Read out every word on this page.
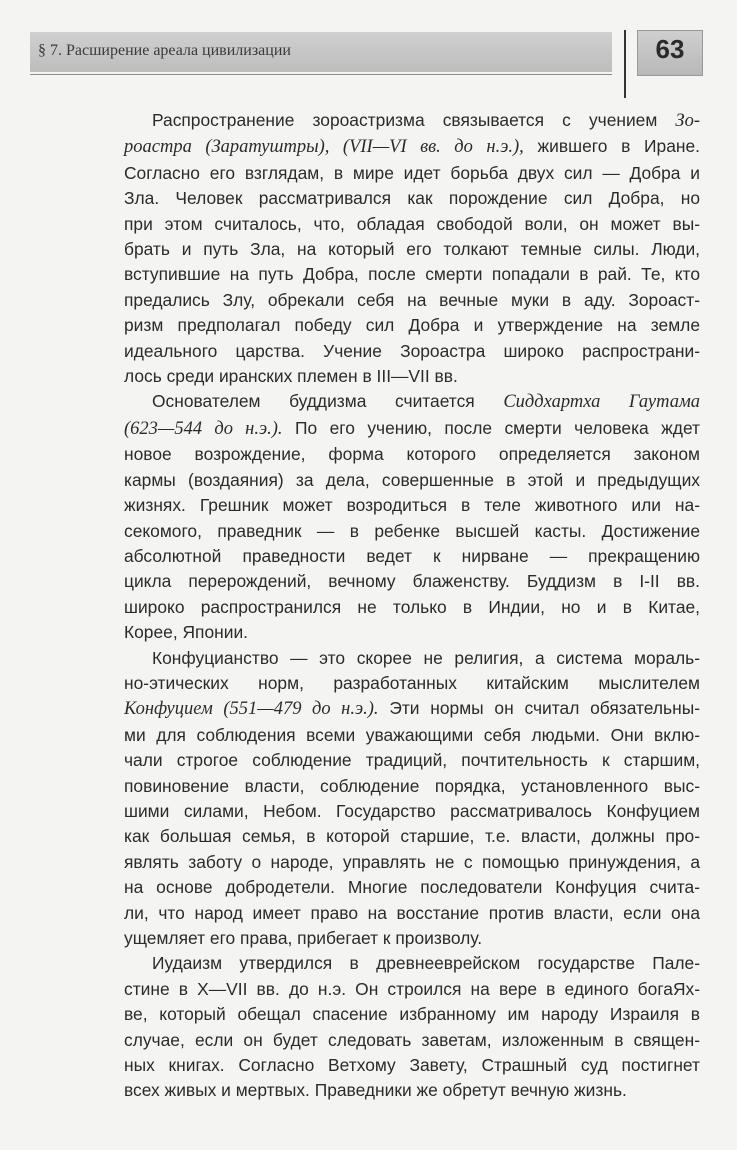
§ 7. Расширение ареала цивилизации	63
Распространение зороастризма связывается с учением Зо-
роастра (Заратуштры), (VII—VI вв. до н.э.), жившего в Иране.
Согласно его взглядам, в мире идет борьба двух сил — Добра и
Зла. Человек рассматривался как порождение сил Добра, но
при этом считалось, что, обладая свободой воли, он может вы-
брать и путь Зла, на который его толкают темные силы. Люди,
вступившие на путь Добра, после смерти попадали в рай. Те, кто
предались Злу, обрекали себя на вечные муки в аду. Зороаст-
ризм предполагал победу сил Добра и утверждение на земле
идеального царства. Учение Зороастра широко распространи-
лось среди иранских племен в III—VII вв.
Основателем буддизма считается Сиддхартха Гаутама
(623—544 до н.э.). По его учению, после смерти человека ждет
новое возрождение, форма которого определяется законом
кармы (воздаяния) за дела, совершенные в этой и предыдущих
жизнях. Грешник может возродиться в теле животного или на-
секомого, праведник — в ребенке высшей касты. Достижение
абсолютной праведности ведет к нирване — прекращению
цикла перерождений, вечному блаженству. Буддизм в I-II вв.
широко распространился не только в Индии, но и в Китае,
Корее, Японии.
Конфуцианство — это скорее не религия, а система мораль-
но-этических норм, разработанных китайским мыслителем
Конфуцием (551—479 до н.э.). Эти нормы он считал обязательны-
ми для соблюдения всеми уважающими себя людьми. Они вклю-
чали строгое соблюдение традиций, почтительность к старшим,
повиновение власти, соблюдение порядка, установленного выс-
шими силами, Небом. Государство рассматривалось Конфуцием
как большая семья, в которой старшие, т.е. власти, должны про-
являть заботу о народе, управлять не с помощью принуждения, а
на основе добродетели. Многие последователи Конфуция счита-
ли, что народ имеет право на восстание против власти, если она
ущемляет его права, прибегает к произволу.
Иудаизм утвердился в древнееврейском государстве Пале-
стине в X—VII вв. до н.э. Он строился на вере в единого богаЯх-
ве, который обещал спасение избранному им народу Израиля в
случае, если он будет следовать заветам, изложенным в священ-
ных книгах. Согласно Ветхому Завету, Страшный суд постигнет
всех живых и мертвых. Праведники же обретут вечную жизнь.
